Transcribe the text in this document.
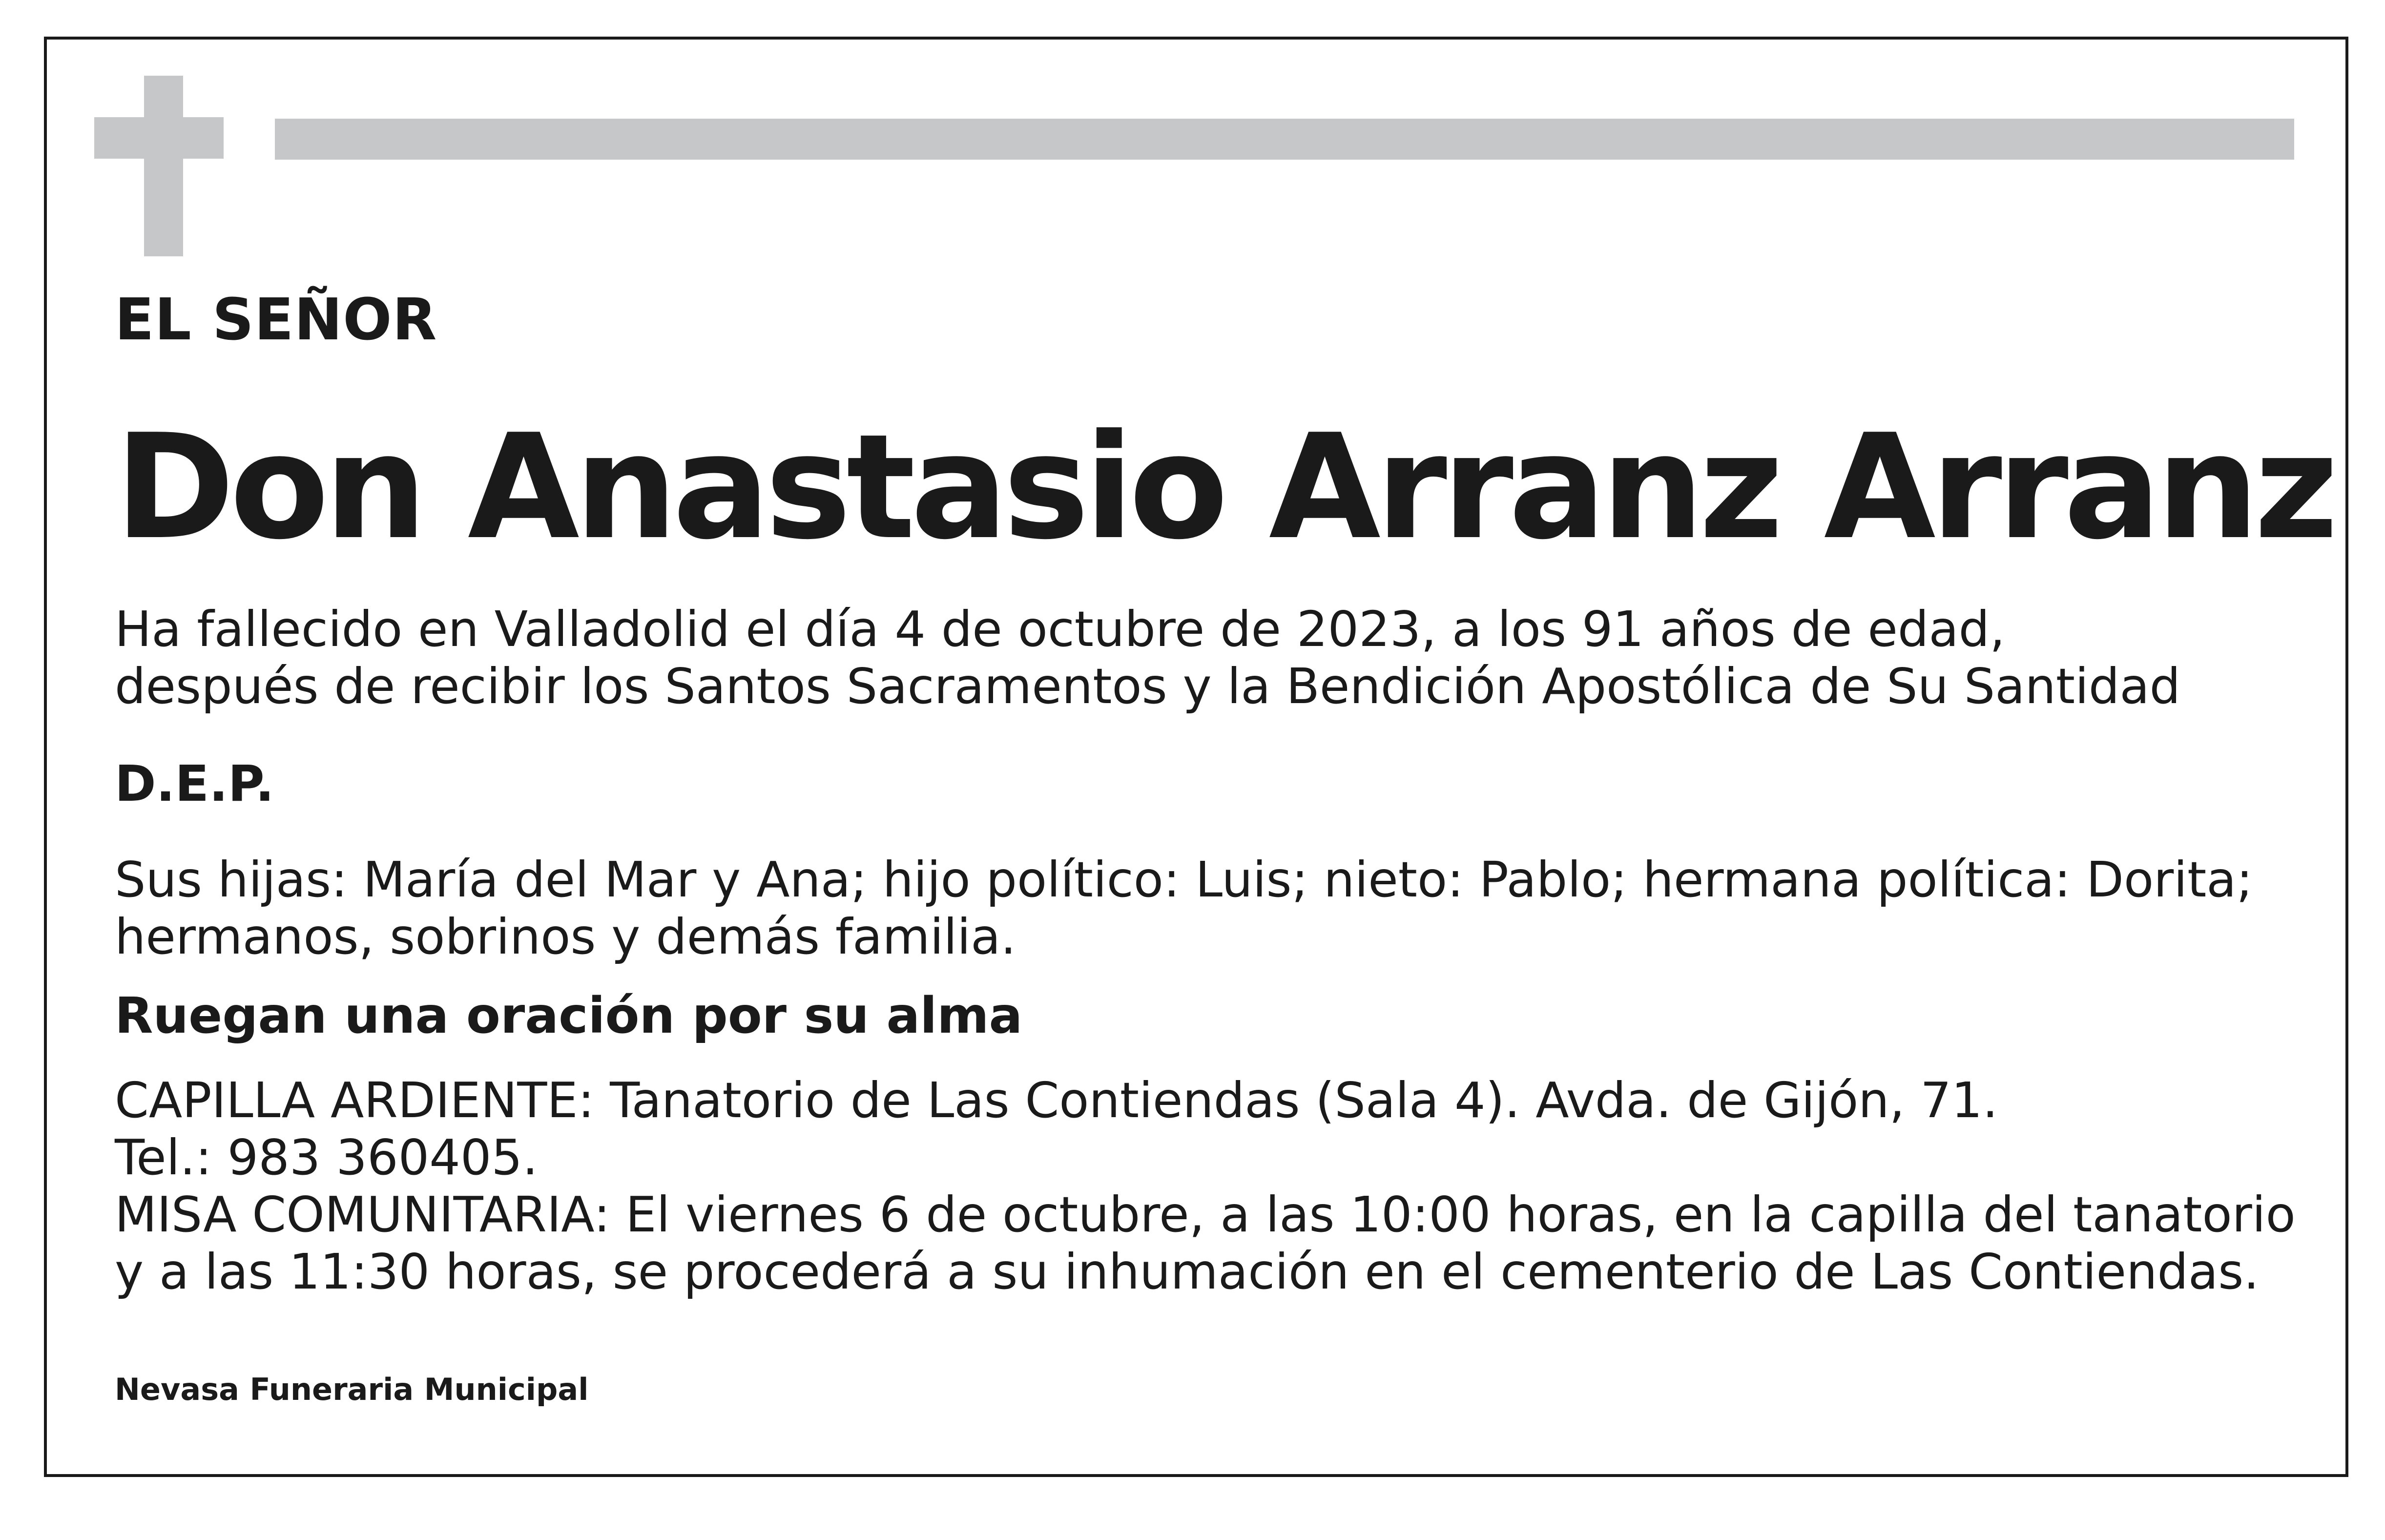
EL SEÑOR
Don Anastasio Arranz Arranz

Ha fallecido en Valladolid el día 4 de octubre de 2023, a los 91 años de edad,
después de recibir los Santos Sacramentos y la Bendición Apostólica de Su Santidad

D.E.P.

Sus hijas: María del Mar y Ana; hijo político: Luis; nieto: Pablo; hermana política: Dorita;
hermanos, sobrinos y demás familia.

Ruegan una oración por su alma

CAPILLA ARDIENTE: Tanatorio de Las Contiendas (Sala 4). Avda. de Gijón, 71.
Tel.: 983 360405.
MISA COMUNITARIA: El viernes 6 de octubre, a las 10:00 horas, en la capilla del tanatorio
y a las 11:30 horas, se procederá a su inhumación en el cementerio de Las Contiendas.

Nevasa Funeraria Municipal
